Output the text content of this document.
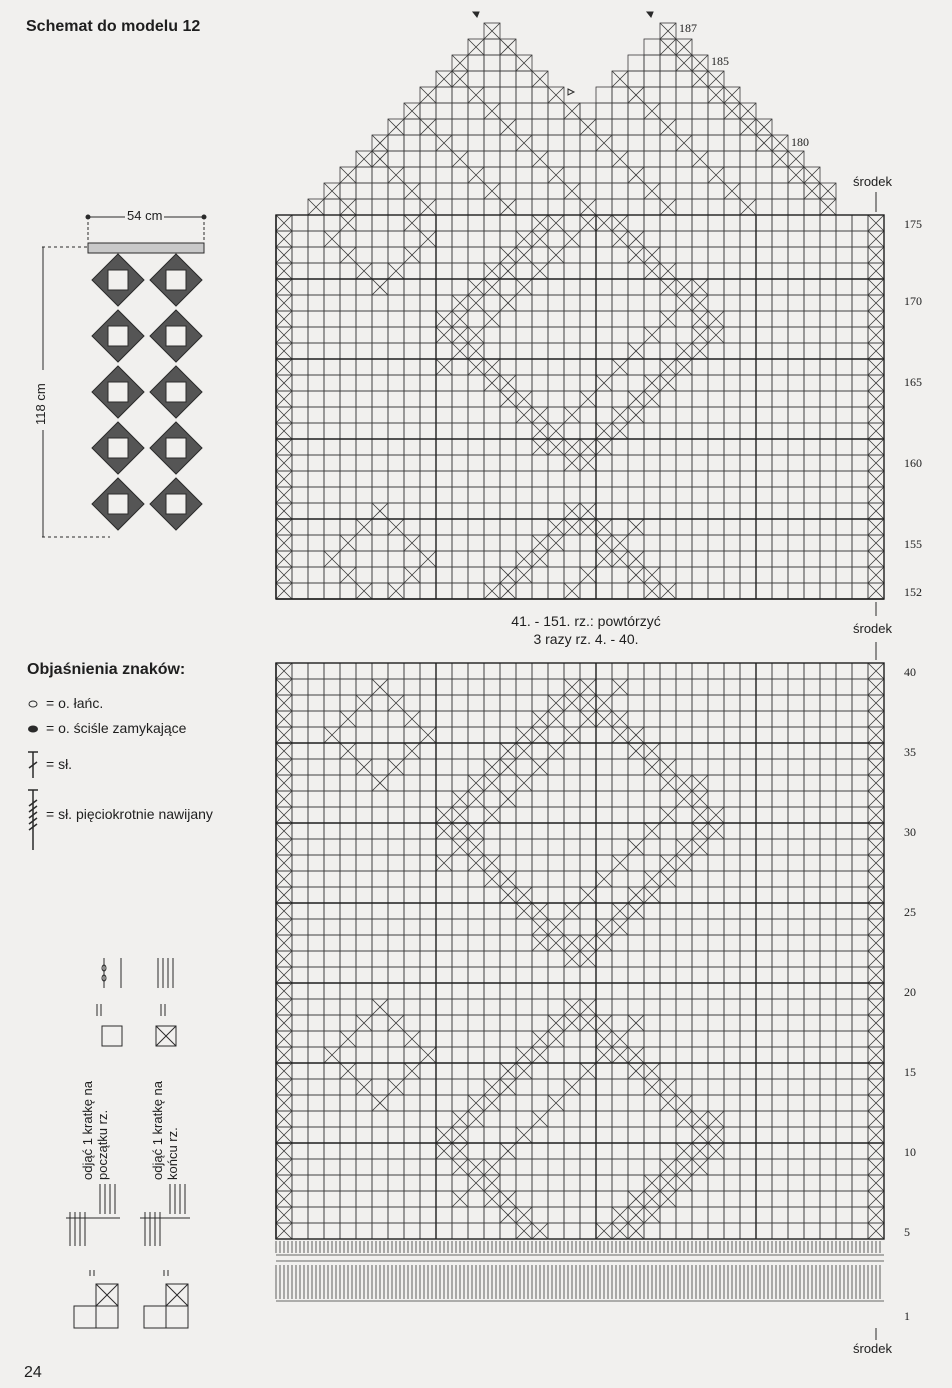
Schemat do modelu 12
54 cm
118 cm
Objaśnienia znaków:
= o. łańc.
= o. ściśle zamykające
= sł.
= sł. pięciokrotnie nawijany
odjąć 1 kratkę na początku rz.	odjąć 1 kratkę na końcu rz.
187
185
180
środek
175
170
165
160
155
152
41. - 151. rz.: powtórzyć
3 razy rz. 4. - 40.
środek
środek
40
35
30
25
20
15
10
5
1
24
